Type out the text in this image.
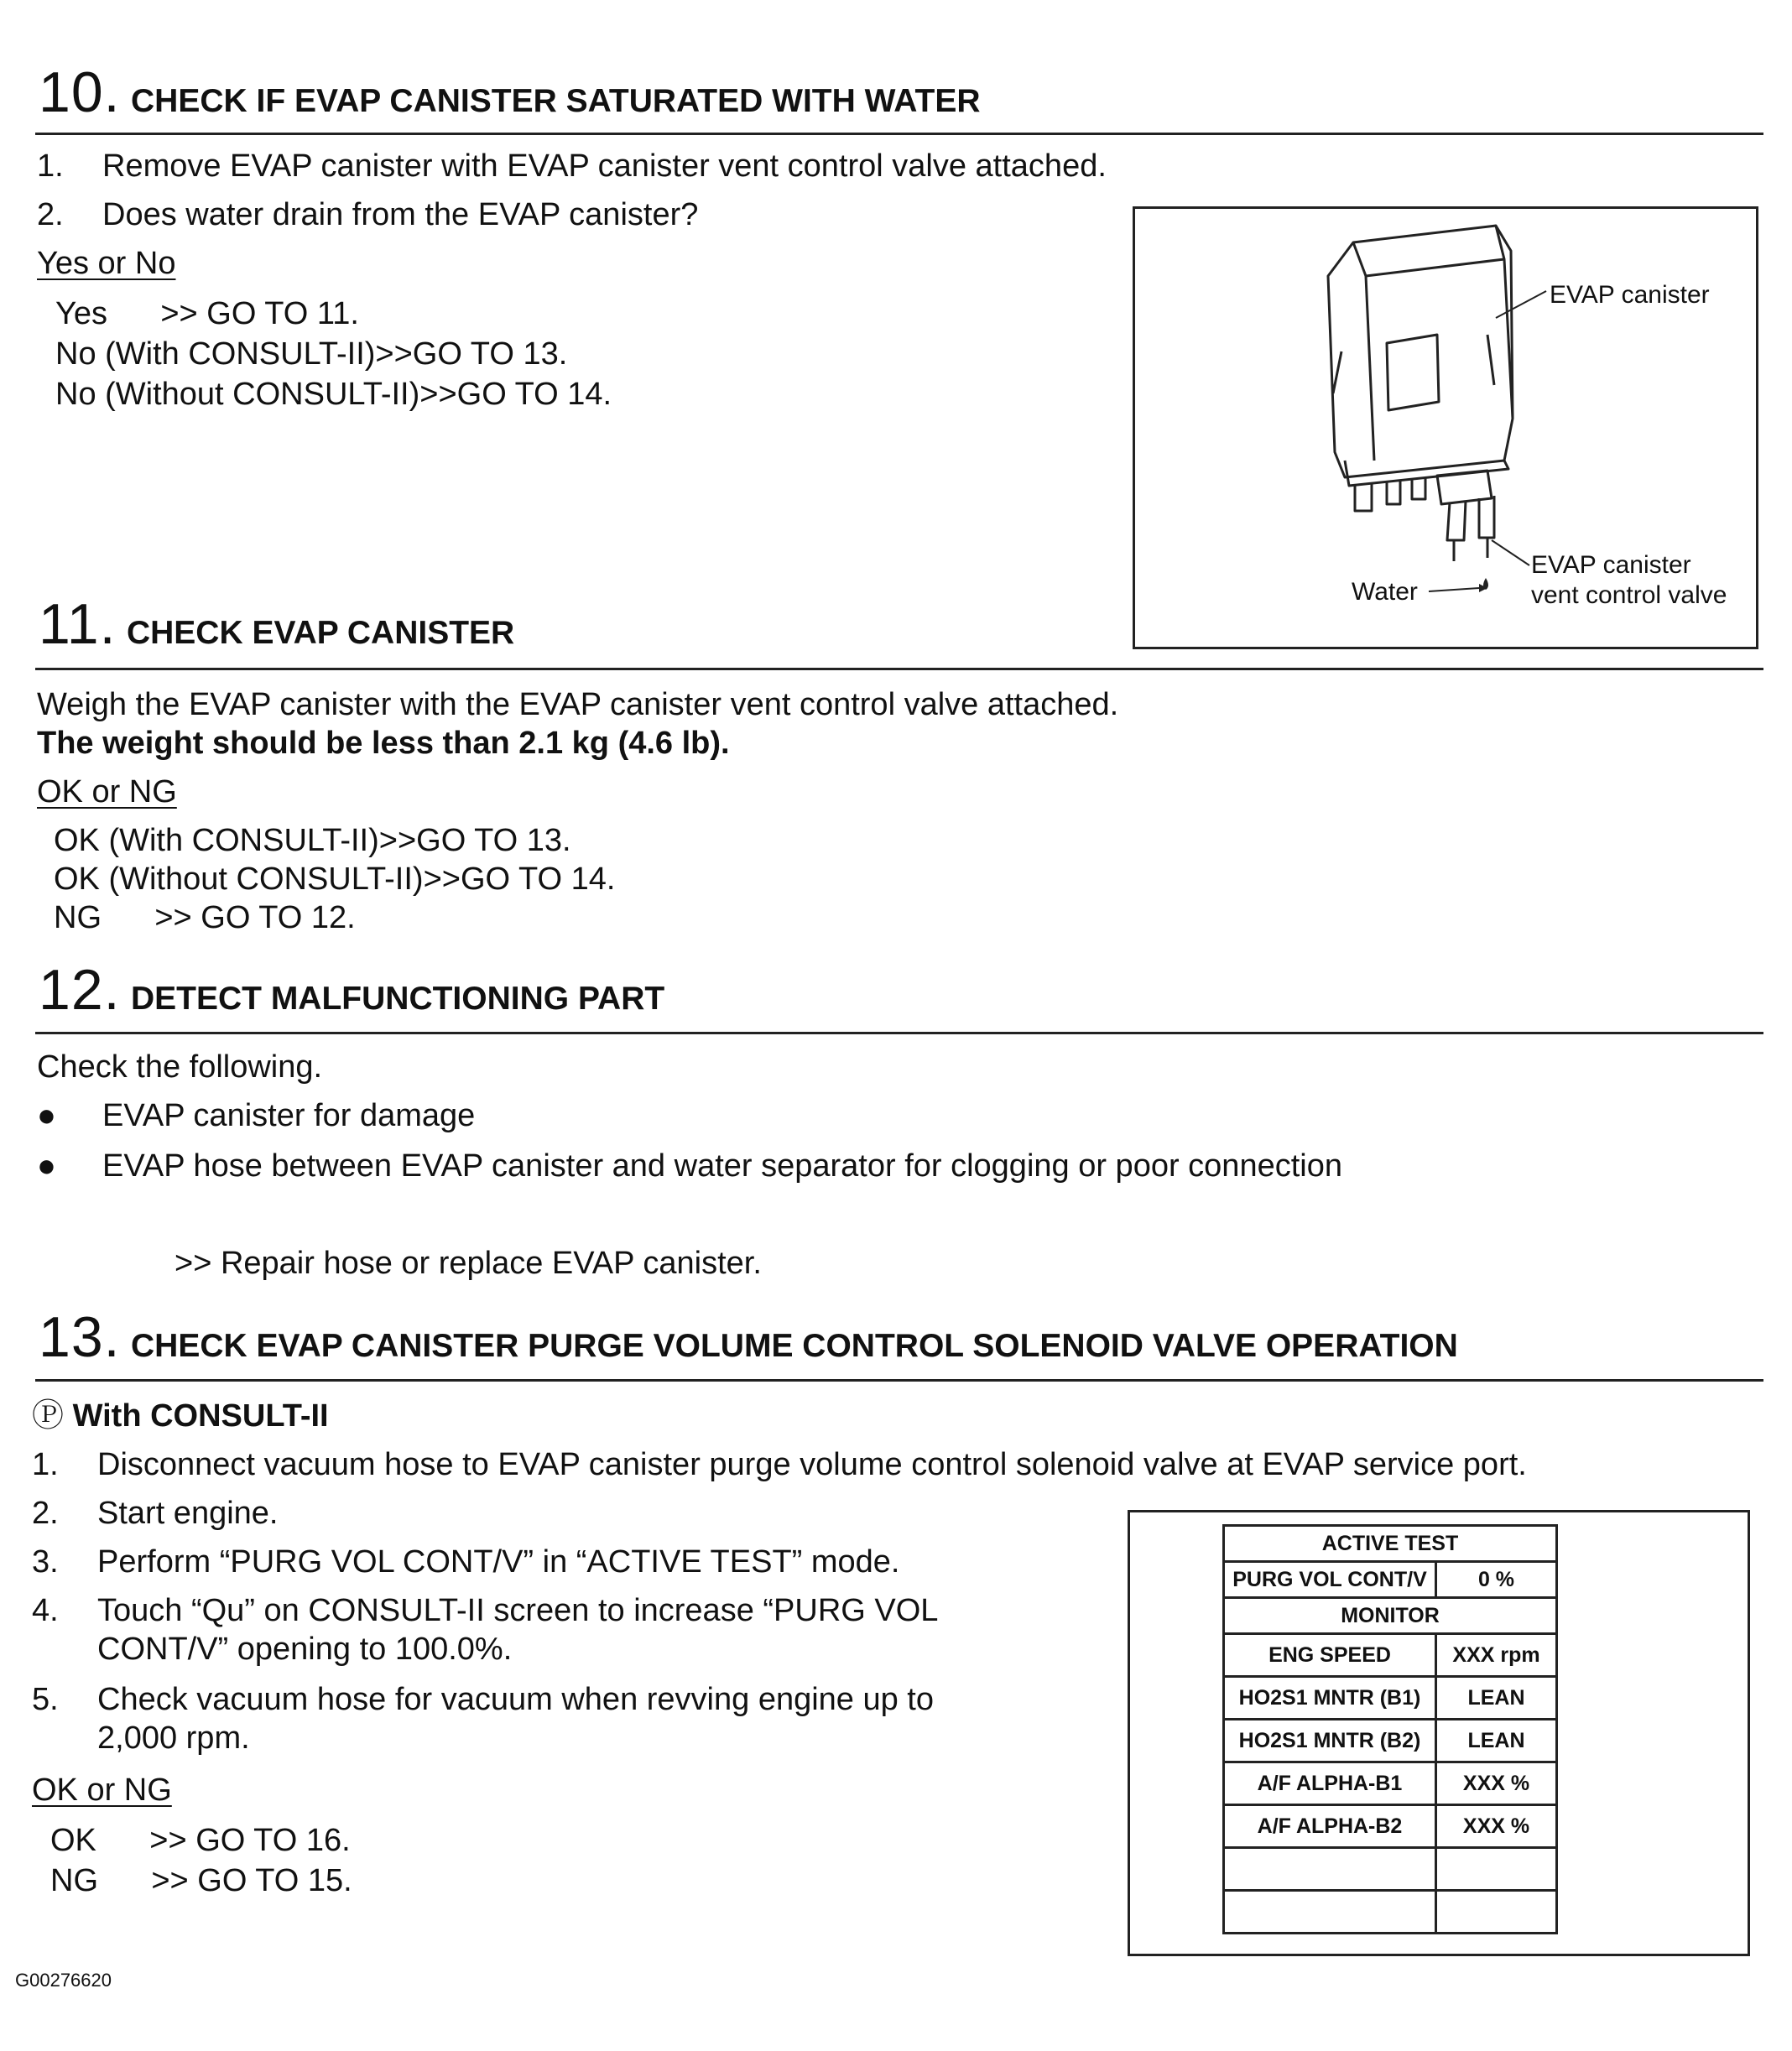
10. CHECK IF EVAP CANISTER SATURATED WITH WATER
1. Remove EVAP canister with EVAP canister vent control valve attached.
2. Does water drain from the EVAP canister?
Yes or No
Yes      >> GO TO 11.
No (With CONSULT-II)>>GO TO 13.
No (Without CONSULT-II)>>GO TO 14.
EVAP canister
EVAP canister
vent control valve
Water
11. CHECK EVAP CANISTER
Weigh the EVAP canister with the EVAP canister vent control valve attached.
The weight should be less than 2.1 kg (4.6 lb).
OK or NG
OK (With CONSULT-II)>>GO TO 13.
OK (Without CONSULT-II)>>GO TO 14.
NG      >> GO TO 12.
12. DETECT MALFUNCTIONING PART
Check the following.
● EVAP canister for damage
● EVAP hose between EVAP canister and water separator for clogging or poor connection
>> Repair hose or replace EVAP canister.
13. CHECK EVAP CANISTER PURGE VOLUME CONTROL SOLENOID VALVE OPERATION
Ⓟ With CONSULT-II
1. Disconnect vacuum hose to EVAP canister purge volume control solenoid valve at EVAP service port.
2. Start engine.
3. Perform “PURG VOL CONT/V” in “ACTIVE TEST” mode.
4. Touch “Qu” on CONSULT-II screen to increase “PURG VOL
CONT/V” opening to 100.0%.
5. Check vacuum hose for vacuum when revving engine up to
2,000 rpm.
OK or NG
OK      >> GO TO 16.
NG      >> GO TO 15.
ACTIVE TEST	
PURG VOL CONT/V	0 %
MONITOR	
ENG SPEED	XXX rpm
HO2S1 MNTR (B1)	LEAN
HO2S1 MNTR (B2)	LEAN
A/F ALPHA-B1	XXX %
A/F ALPHA-B2	XXX %

G00276620
